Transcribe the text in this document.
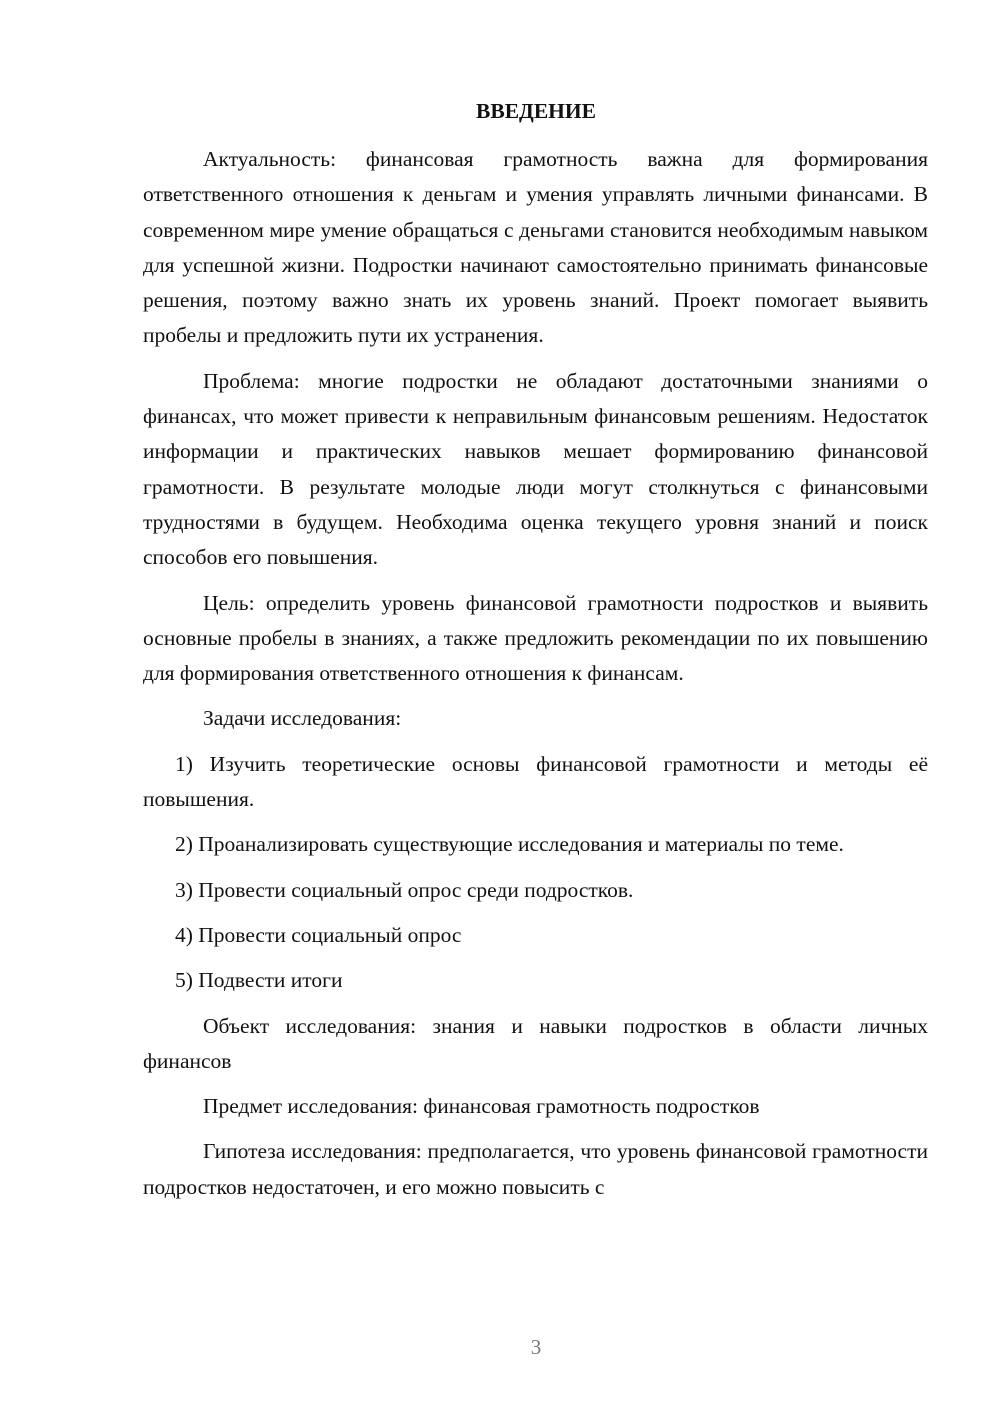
ВВЕДЕНИЕ

Актуальность: финансовая грамотность важна для формирования ответственного отношения к деньгам и умения управлять личными финансами. В современном мире умение обращаться с деньгами становится необходимым навыком для успешной жизни. Подростки начинают самостоятельно принимать финансовые решения, поэтому важно знать их уровень знаний. Проект помогает выявить пробелы и предложить пути их устранения.

Проблема: многие подростки не обладают достаточными знаниями о финансах, что может привести к неправильным финансовым решениям. Недостаток информации и практических навыков мешает формированию финансовой грамотности. В результате молодые люди могут столкнуться с финансовыми трудностями в будущем. Необходима оценка текущего уровня знаний и поиск способов его повышения.

Цель: определить уровень финансовой грамотности подростков и выявить основные пробелы в знаниях, а также предложить рекомендации по их повышению для формирования ответственного отношения к финансам.

Задачи исследования:

1) Изучить теоретические основы финансовой грамотности и методы её повышения.

2) Проанализировать существующие исследования и материалы по теме.

3) Провести социальный опрос среди подростков.

4) Провести социальный опрос

5) Подвести итоги

Объект исследования: знания и навыки подростков в области личных финансов

Предмет исследования: финансовая грамотность подростков

Гипотеза исследования: предполагается, что уровень финансовой грамотности подростков недостаточен, и его можно повысить с

3
